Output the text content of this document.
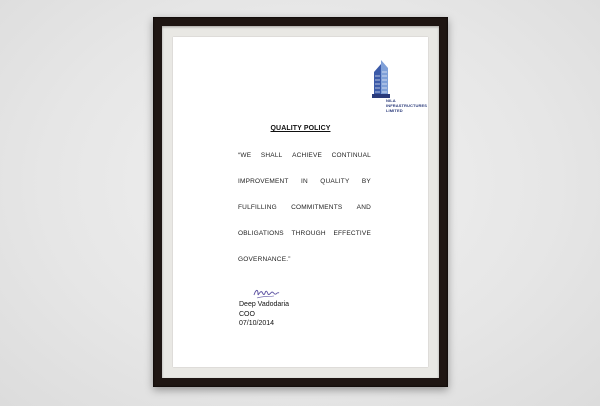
NILA
INFRASTRUCTURES
LIMITED
QUALITY POLICY
“WE SHALL ACHIEVE CONTINUAL
IMPROVEMENT IN QUALITY BY
FULFILLING COMMITMENTS AND
OBLIGATIONS THROUGH EFFECTIVE
GOVERNANCE.”
Deep Vadodaria
COO
07/10/2014
